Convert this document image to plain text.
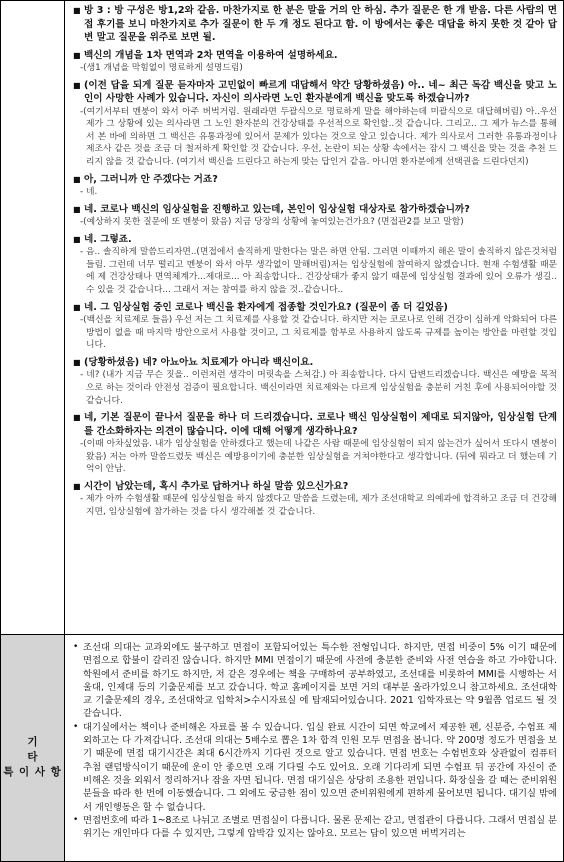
■ 방 3 : 방 구성은 방1,2와 같음. 마찬가지로 한 분은 말을 거의 안 하심. 추가 질문은 한 개 받음. 다른 사람의 면접 후기를 보니 마찬가지로 추가 질문이 한 두 개 정도 된다고 함. 이 방에서는 좋은 대답을 하지 못한 것 같아 답변 말고 질문을 위주로 보면 될.
■ 백신의 개념을 1차 면역과 2차 면역을 이용하여 설명하세요.
-(생1 개념을 막힘없이 명료하게 설명드림)
■ (이전 답을 되게 질문 듣자마자 고민없이 빠르게 대답해서 약간 당황하셨음) 아.. 네~ 최근 독감 백신을 맞고 노인이 사망한 사례가 있습니다. 자신이 의사라면 노인 환자분에게 백신을 맞도록 하겠습니까?
-(여기서부터 멘붕이 와서 아주 버벅거림. 원래라면 두괄식으로 명료하게 말을 해야하는데 미괄식으로 대답해버림) 아..우선 제가 그 상황에 있는 의사라면 그 노인 환자분의 건강상태를 우선적으로 확인할..것 같습니다. 그리고.. 그 제가 뉴스를 통해서 본 바에 의하면 그 백신은 유통과정에 있어서 문제가 있다는 것으로 알고 있습니다. 제가 의사로서 그러한 유통과정이나 제조사 같은 것을 조금 더 철저하게 확인할 것 같습니다. 우선, 논란이 되는 상황 속에서는 잠시 그 백신을 맞는 것을 추천 드리지 않을 것 같습니다. (여기서 백신을 드린다고 하는게 맞는 답인거 같음. 아니면 환자분에게 선택권을 드린다던지)
■ 아, 그러니까 안 주겠다는 거죠?
- 네.
■ 네. 코로나 백신의 임상실험을 진행하고 있는데, 본인이 임상실험 대상자로 참가하겠습니까?
-(예상하지 못한 질문에 또 멘붕이 왔음) 지금 당장의 상황에 놓여있는건가요? (면접관2를 보고 말함)
■ 네. 그렇죠.
- 음.. 솔직하게 말씀드리자면..(면접에서 솔직하게 말한다는 말은 하면 안됨. 그러면 이때까지 해온 말이 솔직하지 않은것처럼 들림. 그런데 너무 떨리고 멘붕이 와서 아무 생각없이 말해버림)저는 임상실험에 참여하지 않겠습니다. 현재 수험생활 때문에 제 건강상태나 면역체계가...제대로... 아 죄송합니다.. 건강상태가 좋지 않기 때문에 임상실험 결과에 있어 오류가 생길.. 수 있을 것 같습니다... 그래서 저는 참여를 하지 않을 것..같습니다..
■ 네. 그 임상실험 중인 코로나 백신을 환자에게 접종할 것인가요? (질문이 좀 더 길었음)
-(백신을 치료제로 들음) 우선 저는 그 치료제를 사용할 것 같습니다. 하지만 저는 코로나로 인해 건강이 심하게 악화되어 다른 방법이 없을 때 마지막 방안으로서 사용할 것이고, 그 치료제를 함부로 사용하지 않도록 규제를 높이는 방안을 마련할 것입니다.
■ (당황하셨음) 네? 아뇨아뇨 치료제가 아니라 백신이요.
- 네? (내가 지금 무슨 짓을.. 이런저런 생각이 머릿속을 스쳐감.) 아 죄송합니다. 다시 답변드리겠습니다. 백신은 예방을 목적으로 하는 것이라 안전성 검증이 필요합니다. 백신이라면 치료제와는 다르게 임상실험을 충분히 거친 후에 사용되어야할 것 같습니다.
■ 네, 기본 질문이 끝나서 질문을 하나 더 드리겠습니다. 코로나 백신 임상실험이 제대로 되지않아, 임상실험 단계를 간소화하자는 의견이 많습니다. 이에 대해 어떻게 생각하나요?
-(이때 아차싶었음. 내가 임상실험을 안하겠다고 했는데 나같은 사람 때문에 임상실험이 되지 않는건가 싶어서 또다시 멘붕이 왔음) 저는 아까 말씀드렸듯 백신은 예방용이기에 충분한 임상실험을 거쳐야한다고 생각합니다. (뒤에 뭐라고 더 했는데 기억이 안남.
■ 시간이 남았는데, 혹시 추가로 답하거나 하실 말씀 있으신가요?
- 제가 아까 수험생활 때문에 임상실험을 하지 않겠다고 말씀을 드렸는데, 제가 조선대학교 의예과에 합격하고 조금 더 건강해지면, 임상실험에 참가하는 것을 다시 생각해볼 것 같습니다.
기 타
특 이 사 항
• 조선대 의대는 교과외에도 불구하고 면접이 포함되어있는 특수한 전형입니다. 하지만, 면접 비중이 5% 이기 때문에 면접으로 합불이 갈리진 않습니다. 하지만 MMI 면접이기 때문에 사전에 충분한 준비와 사전 연습을 하고 가야합니다. 학원에서 준비를 하기도 하지만, 저 같은 경우에는 책을 구매하여 공부하였고, 조선대를 비롯하여 MMI를 시행하는 서울대, 인제대 등의 기출문제를 보고 갔습니다. 학교 홈페이지를 보면 거의 대부분 올라가있으니 참고하세요. 조선대학교 기출문제의 경우, 조선대학교 입학처>수시자료실 에 탑재되어있습니다. 2021 입학자료는 약 9월쯤 업로드 될 것 같습니다.
• 대기실에서는 책이나 준비해온 자료를 볼 수 있습니다. 입실 완료 시간이 되면 학교에서 제공한 펜, 신분증, 수험표 제외하고는 다 가져갑니다. 조선대 의대는 5배수로 뽑은 1차 합격 인원 모두 면접을 봅니다. 약 200명 정도가 면접을 보기 때문에 면접 대기시간은 최대 6시간까지 기다린 것으로 알고 있습니다. 면접 번호는 수험번호와 상관없이 컴퓨터 추첨 랜덤방식이기 때문에 운이 안 좋으면 오래 기다릴 수도 있어요. 오래 기다리게 되면 수험표 뒤 공간에 자신이 준비해온 것을 외워서 정리하거나 잠을 자면 됩니다. 면접 대기실은 상당히 조용한 편입니다. 화장실을 갈 때는 준비위원 분들을 따라 한 번에 이동했습니다. 그 외에도 궁금한 점이 있으면 준비위원에게 편하게 물어보면 됩니다. 대기실 밖에서 개인행동은 할 수 없습니다.
• 면접번호에 따라 1~8조로 나뉘고 조별로 면접실이 다릅니다. 물론 문제는 같고, 면접관이 다릅니다. 그래서 면접실 분위기는 개인마다 다를 수 있지만, 그렇게 압박감 있지는 않아요. 모르는 답이 있으면 버벅거리는
